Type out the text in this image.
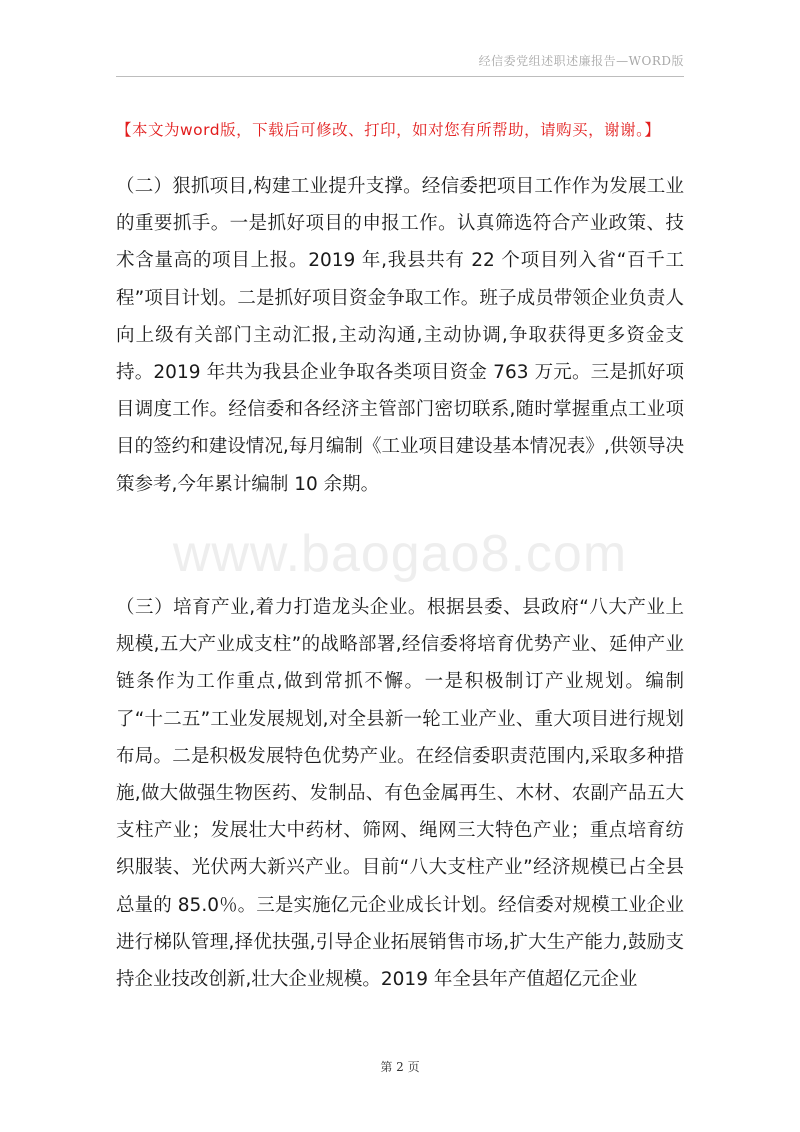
经信委党组述职述廉报告—WORD版
【本文为word版，下载后可修改、打印，如对您有所帮助，请购买，谢谢。】

（二）狠抓项目,构建工业提升支撑。经信委把项目工作作为发展工业的重要抓手。一是抓好项目的申报工作。认真筛选符合产业政策、技术含量高的项目上报。2019 年,我县共有 22 个项目列入省“百千工程”项目计划。二是抓好项目资金争取工作。班子成员带领企业负责人向上级有关部门主动汇报,主动沟通,主动协调,争取获得更多资金支持。2019 年共为我县企业争取各类项目资金 763 万元。三是抓好项目调度工作。经信委和各经济主管部门密切联系,随时掌握重点工业项目的签约和建设情况,每月编制《工业项目建设基本情况表》,供领导决策参考,今年累计编制 10 余期。

www.baogao8.com

（三）培育产业,着力打造龙头企业。根据县委、县政府“八大产业上规模,五大产业成支柱”的战略部署,经信委将培育优势产业、延伸产业链条作为工作重点,做到常抓不懈。一是积极制订产业规划。编制了“十二五”工业发展规划,对全县新一轮工业产业、重大项目进行规划布局。二是积极发展特色优势产业。在经信委职责范围内,采取多种措施,做大做强生物医药、发制品、有色金属再生、木材、农副产品五大支柱产业；发展壮大中药材、筛网、绳网三大特色产业；重点培育纺织服装、光伏两大新兴产业。目前“八大支柱产业”经济规模已占全县总量的 85.0％。三是实施亿元企业成长计划。经信委对规模工业企业进行梯队管理,择优扶强,引导企业拓展销售市场,扩大生产能力,鼓励支持企业技改创新,壮大企业规模。2019 年全县年产值超亿元企业

第 2 页
